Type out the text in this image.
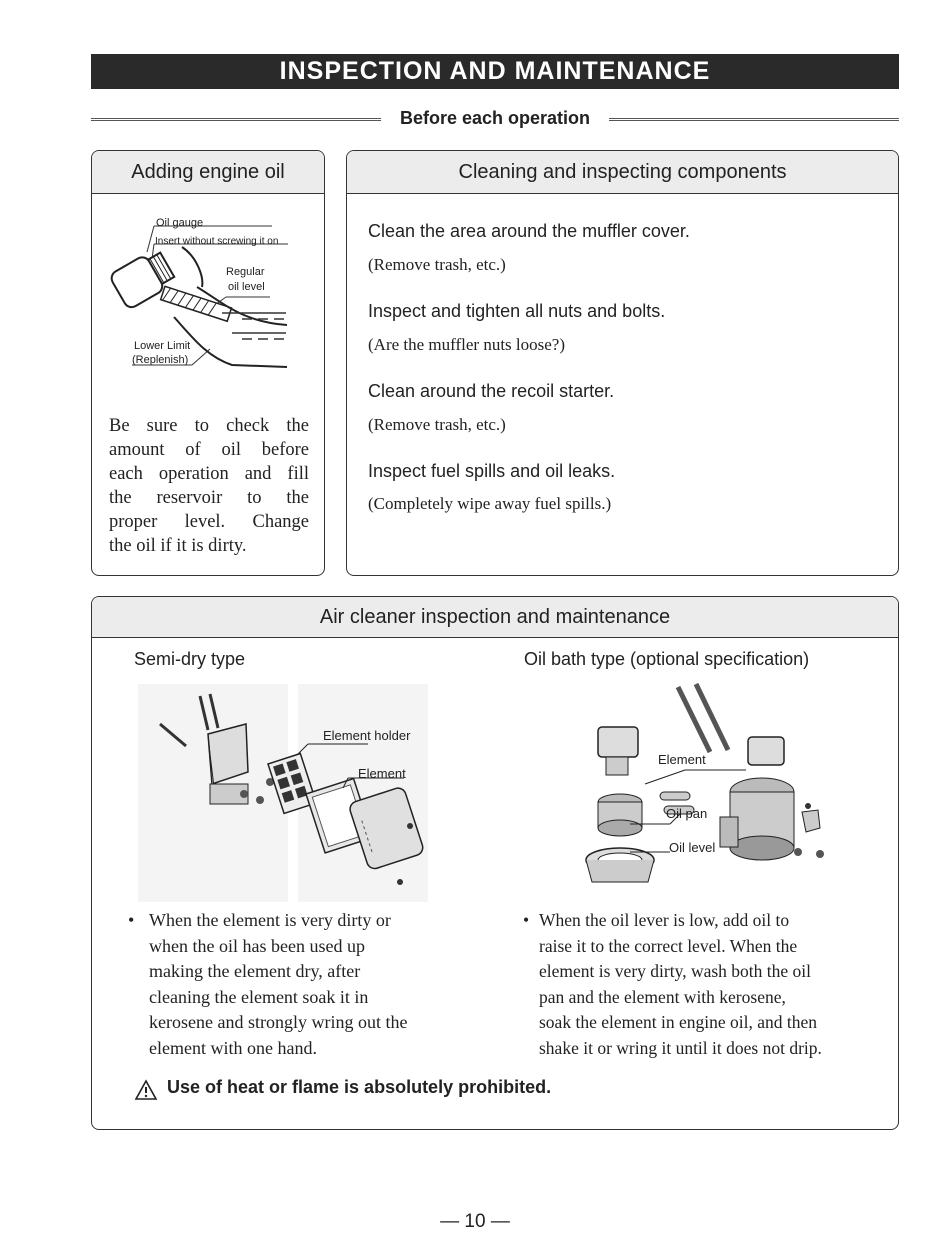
INSPECTION AND MAINTENANCE
Before each operation
Adding engine oil
Oil gauge
Insert without screwing it on
Regular
oil level
Lower Limit
(Replenish)
Be sure to check the
amount of oil before
each operation and fill
the reservoir to the
proper level. Change
the oil if it is dirty.
Cleaning and inspecting components
Clean the area around the muffler cover.
(Remove trash, etc.)
Inspect and tighten all nuts and bolts.
(Are the muffler nuts loose?)
Clean around the recoil starter.
(Remove trash, etc.)
Inspect fuel spills and oil leaks.
(Completely wipe away fuel spills.)
Air cleaner inspection and maintenance
Semi-dry type	Oil bath type (optional specification)
Element holder
Element
Element
Oil pan
Oil level
• When the element is very dirty or
when the oil has been used up
making the element dry, after
cleaning the element soak it in
kerosene and strongly wring out the
element with one hand.
• When the oil lever is low, add oil to
raise it to the correct level. When the
element is very dirty, wash both the oil
pan and the element with kerosene,
soak the element in engine oil, and then
shake it or wring it until it does not drip.
Use of heat or flame is absolutely prohibited.
— 10 —
